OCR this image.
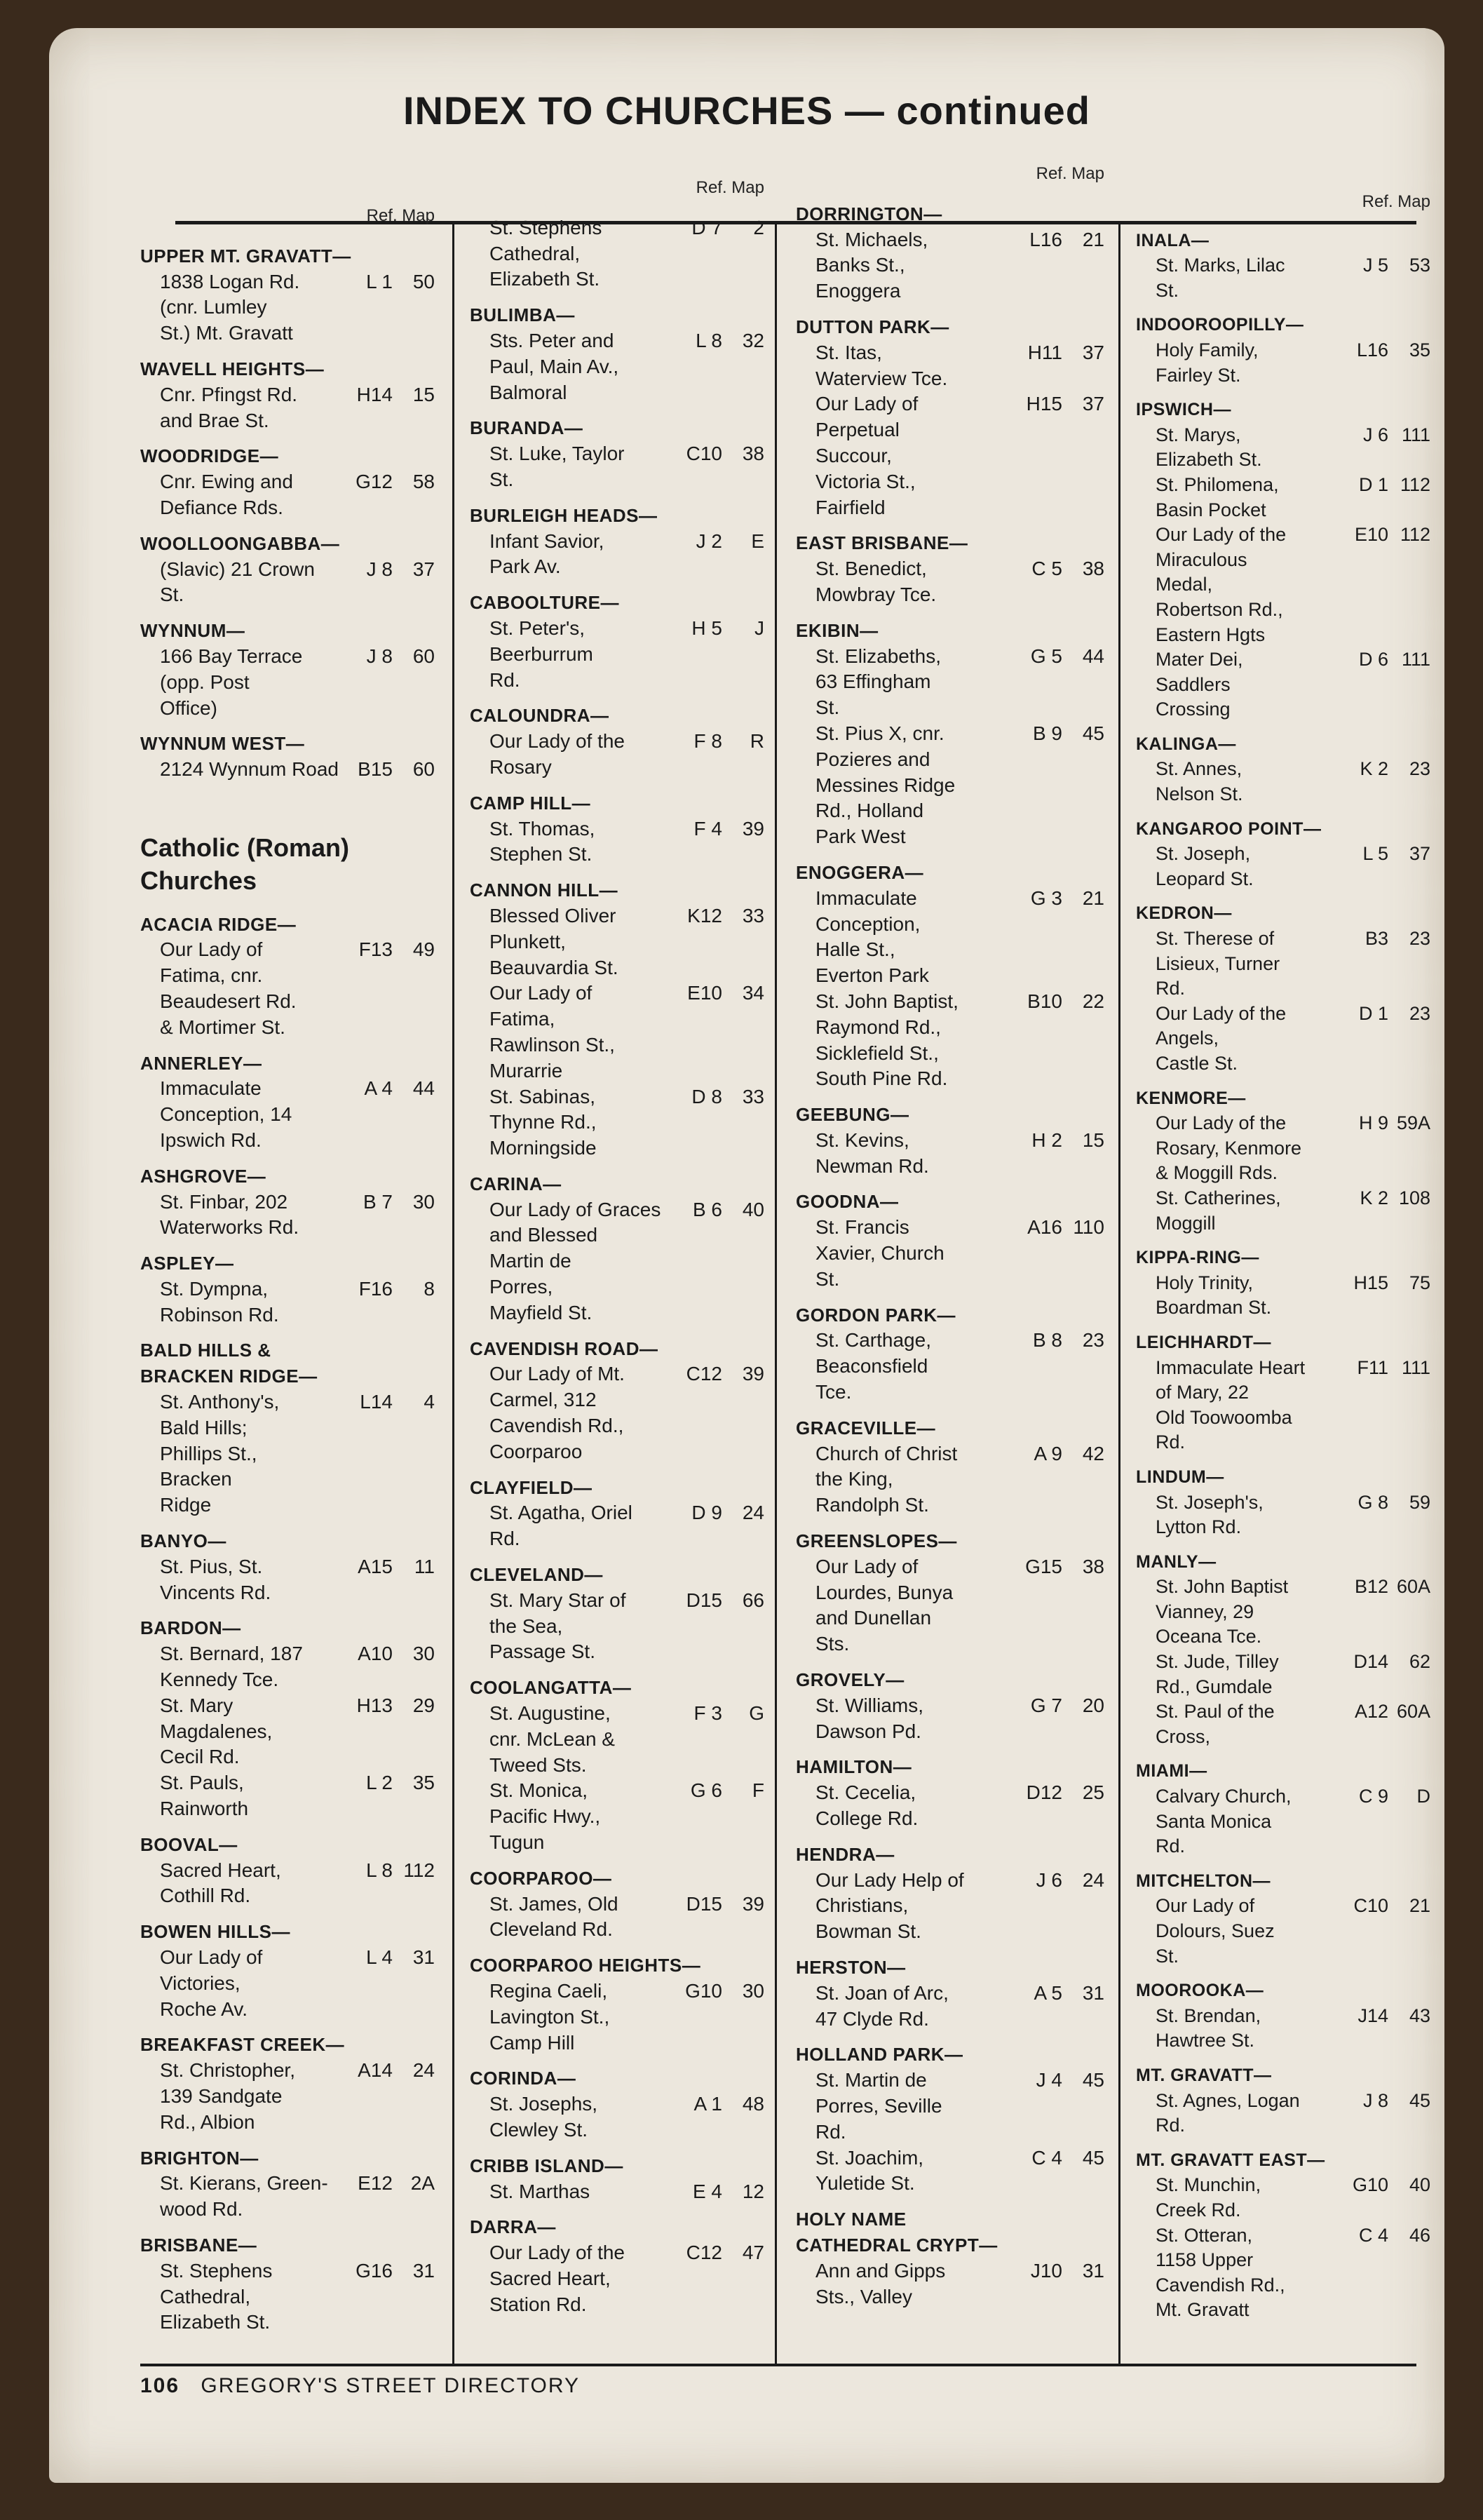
INDEX TO CHURCHES — continued
Ref. Map
UPPER MT. GRAVATT—
1838 Logan Rd.
(cnr. Lumley
St.) Mt. Gravatt
L 1	50
WAVELL HEIGHTS—
Cnr. Pfingst Rd.
and Brae St.
H14	15
WOODRIDGE—
Cnr. Ewing and
Defiance Rds.
G12	58
WOOLLOONGABBA—
(Slavic) 21 Crown
St.
J 8	37
WYNNUM—
166 Bay Terrace
(opp. Post
Office)
J 8	60
WYNNUM WEST—
2124 Wynnum Road B15	60
Catholic (Roman)
Churches
ACACIA RIDGE—
Our Lady of
Fatima, cnr.
Beaudesert Rd.
& Mortimer St.
F13	49
ANNERLEY—
Immaculate
Conception, 14
Ipswich Rd.
A 4	44
ASHGROVE—
St. Finbar, 202
Waterworks Rd.
B 7	30
ASPLEY—
St. Dympna,
Robinson Rd.
F16	8
BALD HILLS &
BRACKEN RIDGE—
St. Anthony's,
Bald Hills;
Phillips St.,
Bracken
Ridge
L14	4
BANYO—
St. Pius, St.
Vincents Rd.
A15	11
BARDON—
St. Bernard, 187
Kennedy Tce.
A10	30
St. Mary
Magdalenes,
Cecil Rd.
H13	29
St. Pauls,
Rainworth
L 2	35
BOOVAL—
Sacred Heart,
Cothill Rd.
L 8 112
BOWEN HILLS—
Our Lady of
Victories,
Roche Av.
L 4	31
BREAKFAST CREEK—
St. Christopher,
139 Sandgate
Rd., Albion
A14	24
BRIGHTON—
St. Kierans, Green-
wood Rd.
E12 2A
BRISBANE—
St. Stephens
Cathedral,
Elizabeth St.
G16	31
Ref. Map
St. Stephens
Cathedral,
Elizabeth St.
D 7	2
BULIMBA—
Sts. Peter and
Paul, Main Av.,
Balmoral
L 8	32
BURANDA—
St. Luke, Taylor
St.
C10	38
BURLEIGH HEADS—
Infant Savior,
Park Av.
J 2	E
CABOOLTURE—
St. Peter's,
Beerburrum
Rd.
H 5	J
CALOUNDRA—
Our Lady of the
Rosary
F 8	R
CAMP HILL—
St. Thomas,
Stephen St.
F 4	39
CANNON HILL—
Blessed Oliver
Plunkett,
Beauvardia St.
K12	33
Our Lady of
Fatima,
Rawlinson St.,
Murarrie
E10	34
St. Sabinas,
Thynne Rd.,
Morningside
D 8	33
CARINA—
Our Lady of Graces
and Blessed
Martin de
Porres,
Mayfield St.
B 6	40
CAVENDISH ROAD—
Our Lady of Mt.
Carmel, 312
Cavendish Rd.,
Coorparoo
C12	39
CLAYFIELD—
St. Agatha, Oriel
Rd.
D 9	24
CLEVELAND—
St. Mary Star of
the Sea,
Passage St.
D15	66
COOLANGATTA—
St. Augustine,
cnr. McLean &
Tweed Sts.
F 3	G
St. Monica,
Pacific Hwy.,
Tugun
G 6	F
COORPAROO—
St. James, Old
Cleveland Rd.
D15	39
COORPAROO HEIGHTS—
Regina Caeli,
Lavington St.,
Camp Hill
G10	30
CORINDA—
St. Josephs,
Clewley St.
A 1	48
CRIBB ISLAND—
St. Marthas	E 4	12
DARRA—
Our Lady of the
Sacred Heart,
Station Rd.
C12	47
Ref. Map
DORRINGTON—
St. Michaels,
Banks St.,
Enoggera
L16	21
DUTTON PARK—
St. Itas,
Waterview Tce.
H11	37
Our Lady of
Perpetual
Succour,
Victoria St.,
Fairfield
H15	37
EAST BRISBANE—
St. Benedict,
Mowbray Tce.
C 5	38
EKIBIN—
St. Elizabeths,
63 Effingham
St.
G 5	44
St. Pius X, cnr.
Pozieres and
Messines Ridge
Rd., Holland
Park West
B 9	45
ENOGGERA—
Immaculate
Conception,
Halle St.,
Everton Park
G 3	21
St. John Baptist,
Raymond Rd.,
Sicklefield St.,
South Pine Rd.
B10	22
GEEBUNG—
St. Kevins,
Newman Rd.
H 2	15
GOODNA—
St. Francis
Xavier, Church
St.
A16 110
GORDON PARK—
St. Carthage,
Beaconsfield
Tce.
B 8	23
GRACEVILLE—
Church of Christ
the King,
Randolph St.
A 9	42
GREENSLOPES—
Our Lady of
Lourdes, Bunya
and Dunellan
Sts.
G15	38
GROVELY—
St. Williams,
Dawson Pd.
G 7	20
HAMILTON—
St. Cecelia,
College Rd.
D12	25
HENDRA—
Our Lady Help of
Christians,
Bowman St.
J 6	24
HERSTON—
St. Joan of Arc,
47 Clyde Rd.
A 5	31
HOLLAND PARK—
St. Martin de
Porres, Seville
Rd.
J 4	45
St. Joachim,
Yuletide St.
C 4	45
HOLY NAME
CATHEDRAL CRYPT—
Ann and Gipps
Sts., Valley
J10	31
Ref. Map
INALA—
St. Marks, Lilac
St.
J 5	53
INDOOROOPILLY—
Holy Family,
Fairley St.
L16	35
IPSWICH—
St. Marys,
Elizabeth St.
J 6 111
St. Philomena,
Basin Pocket
D 1 112
Our Lady of the
Miraculous
Medal,
Robertson Rd.,
Eastern Hgts
E10 112
Mater Dei,
Saddlers
Crossing
D 6 111
KALINGA—
St. Annes,
Nelson St.
K 2	23
KANGAROO POINT—
St. Joseph,
Leopard St.
L 5	37
KEDRON—
St. Therese of
Lisieux, Turner
Rd.
B3	23
Our Lady of the
Angels,
Castle St.
D 1	23
KENMORE—
Our Lady of the
Rosary, Kenmore
& Moggill Rds.
H 9 59A
St. Catherines,
Moggill
K 2 108
KIPPA-RING—
Holy Trinity,
Boardman St.
H15	75
LEICHHARDT—
Immaculate Heart
of Mary, 22
Old Toowoomba
Rd.
F11 111
LINDUM—
St. Joseph's,
Lytton Rd.
G 8	59
MANLY—
St. John Baptist
Vianney, 29
Oceana Tce.
B12 60A
St. Jude, Tilley
Rd., Gumdale
D14	62
St. Paul of the
Cross,
A12 60A
MIAMI—
Calvary Church,
Santa Monica
Rd.
C 9	D
MITCHELTON—
Our Lady of
Dolours, Suez
St.
C10	21
MOOROOKA—
St. Brendan,
Hawtree St.
J14	43
MT. GRAVATT—
St. Agnes, Logan
Rd.
J 8	45
MT. GRAVATT EAST—
St. Munchin,
Creek Rd.
G10	40
St. Otteran,
1158 Upper
Cavendish Rd.,
Mt. Gravatt
C 4	46
106 GREGORY'S STREET DIRECTORY
